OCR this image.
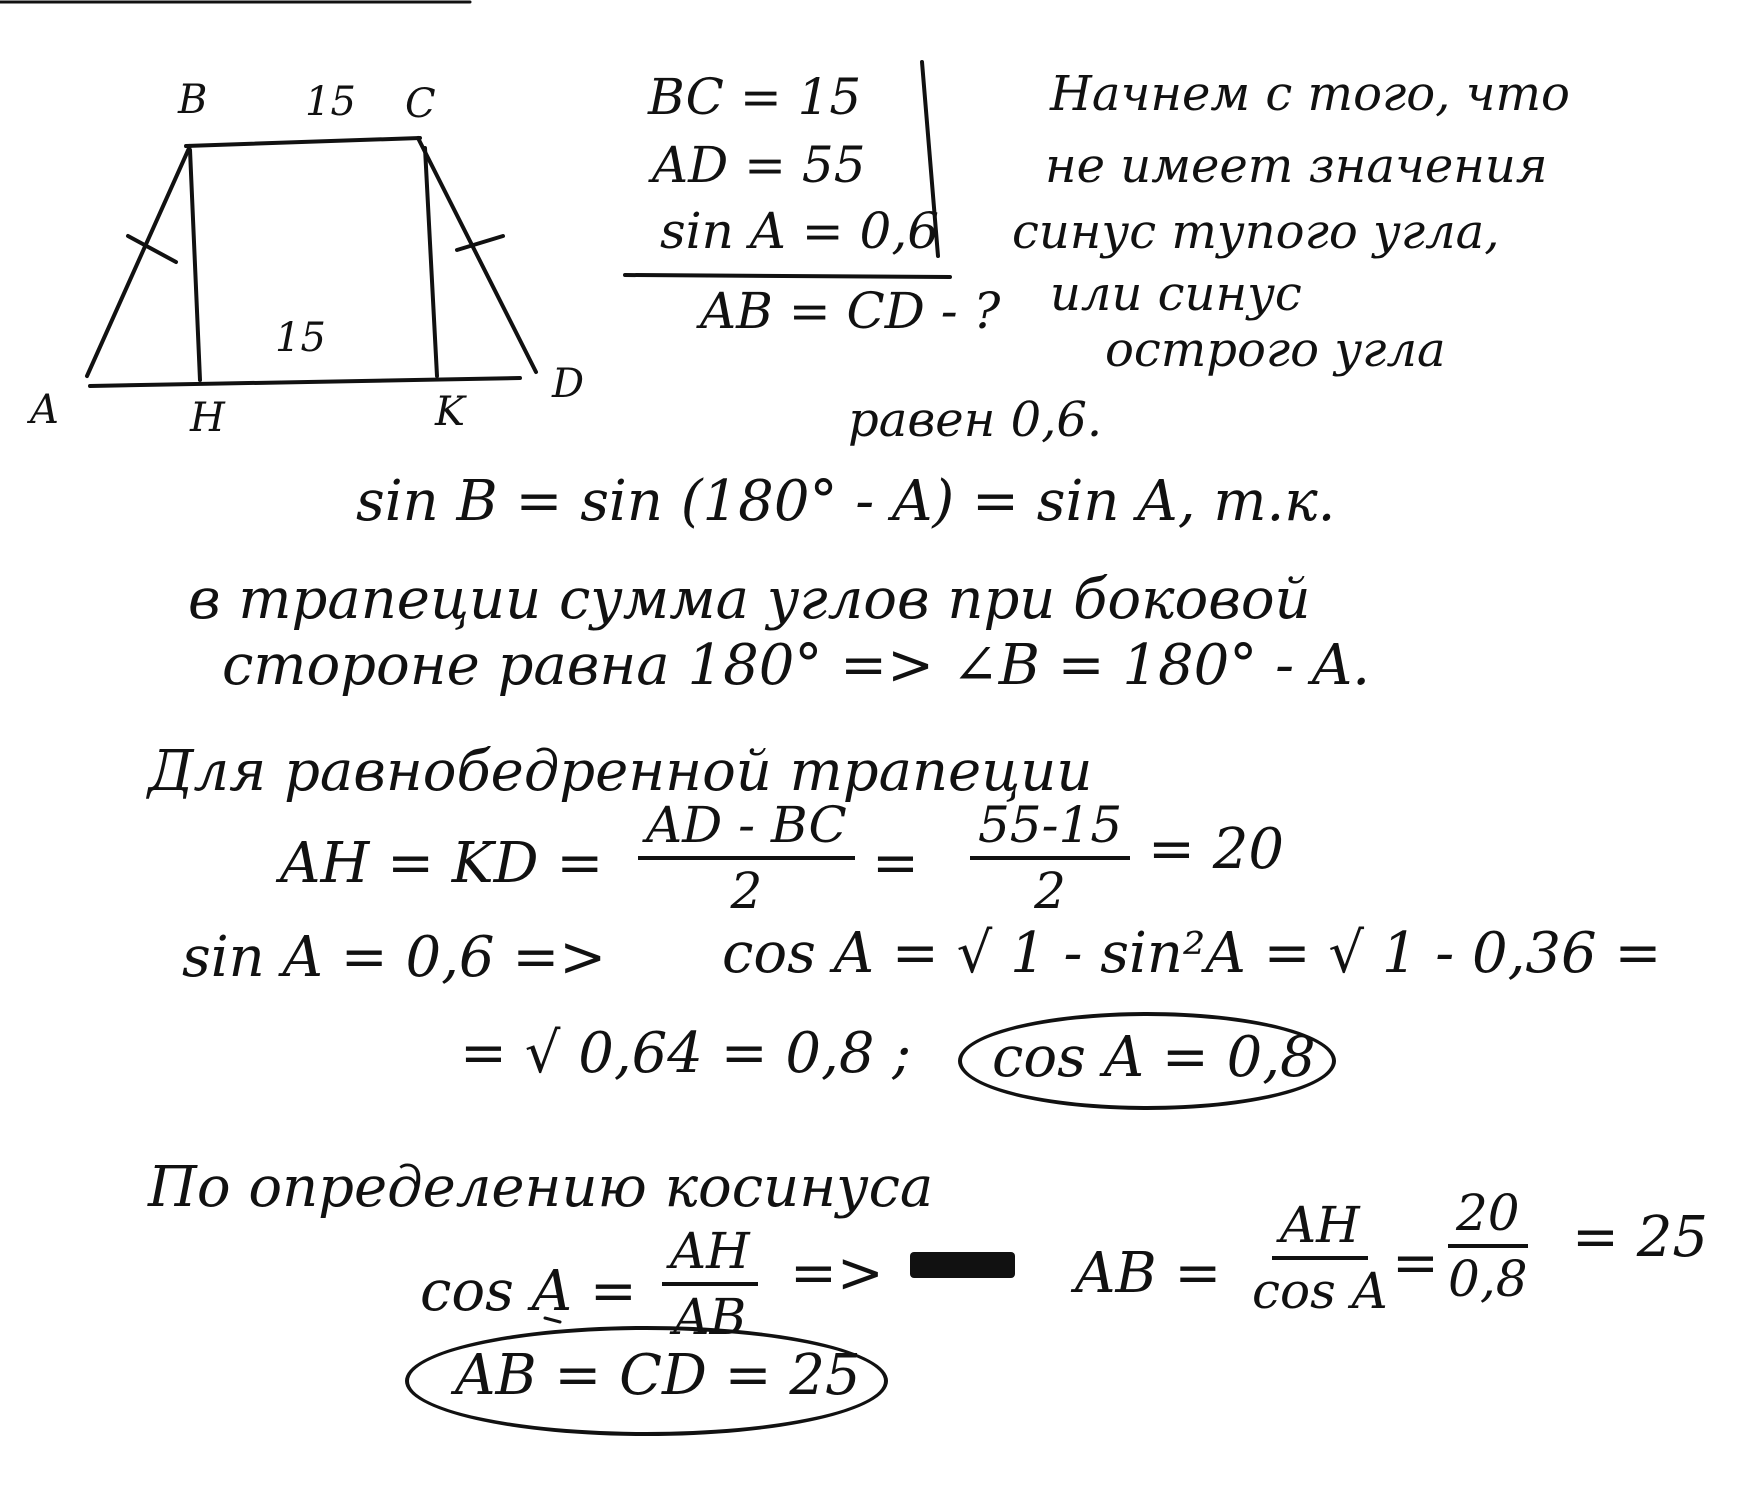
B 15 C
15
A	H	K
D
BC = 15
AD = 55
sin A = 0,6
AB = CD - ?
Начнем с того, что
не имеет значения
синус тупого угла,
или синус
острого угла
равен 0,6.
sin B = sin (180° - A) = sin A, т.к.
в трапеции сумма углов при боковой
стороне равна 180° => ∠B = 180° - A.
Для равнобедренной трапеции
AH = KD = $\frac{AD - BC}{2} = \frac{55-15}{2} = 20$
sin A = 0,6 => cos A = √ 1 - sin²A = √ 1 - 0,36 =
= √ 0,64 = 0,8 ; cos A = 0,8
По определению косинуса
$\cos A = \frac{AH}{AB}$ =>	AB = $\frac{AH}{\text{cos A}} = \frac{20}{0,8} = 25$
AB = CD = 25
